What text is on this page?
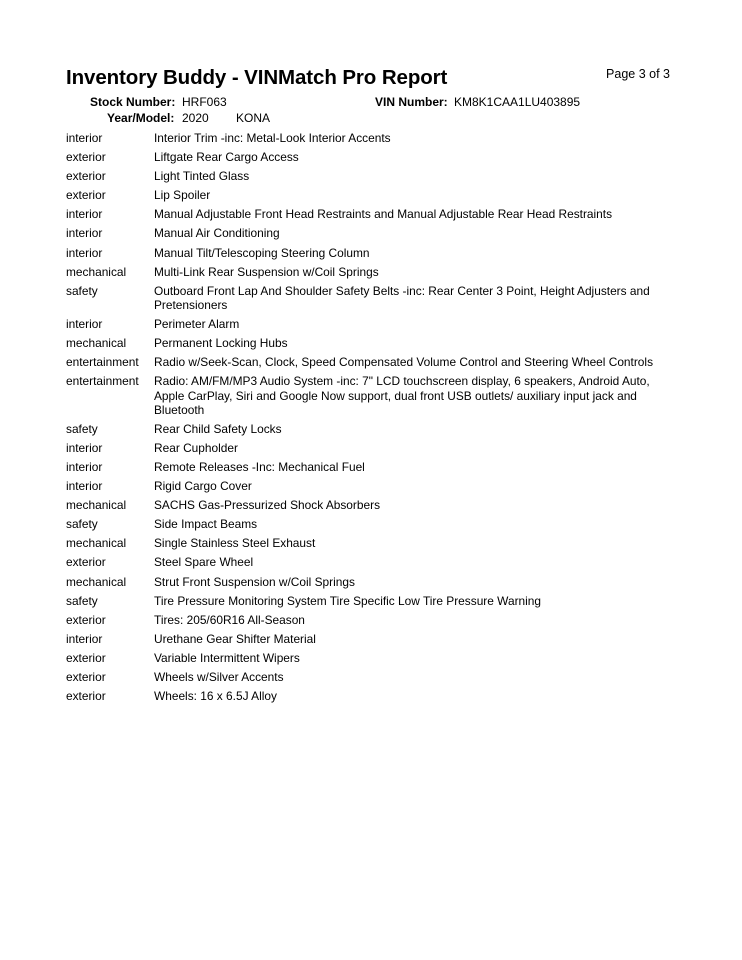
Inventory Buddy - VINMatch Pro Report	Page 3 of 3
Stock Number: HRF063	VIN Number: KM8K1CAA1LU403895
Year/Model: 2020 KONA
interior	Interior Trim -inc: Metal-Look Interior Accents
exterior	Liftgate Rear Cargo Access
exterior	Light Tinted Glass
exterior	Lip Spoiler
interior	Manual Adjustable Front Head Restraints and Manual Adjustable Rear Head Restraints
interior	Manual Air Conditioning
interior	Manual Tilt/Telescoping Steering Column
mechanical	Multi-Link Rear Suspension w/Coil Springs
safety	Outboard Front Lap And Shoulder Safety Belts -inc: Rear Center 3 Point, Height Adjusters and Pretensioners
interior	Perimeter Alarm
mechanical	Permanent Locking Hubs
entertainment	Radio w/Seek-Scan, Clock, Speed Compensated Volume Control and Steering Wheel Controls
entertainment	Radio: AM/FM/MP3 Audio System -inc: 7" LCD touchscreen display, 6 speakers, Android Auto, Apple CarPlay, Siri and Google Now support, dual front USB outlets/ auxiliary input jack and Bluetooth
safety	Rear Child Safety Locks
interior	Rear Cupholder
interior	Remote Releases -Inc: Mechanical Fuel
interior	Rigid Cargo Cover
mechanical	SACHS Gas-Pressurized Shock Absorbers
safety	Side Impact Beams
mechanical	Single Stainless Steel Exhaust
exterior	Steel Spare Wheel
mechanical	Strut Front Suspension w/Coil Springs
safety	Tire Pressure Monitoring System Tire Specific Low Tire Pressure Warning
exterior	Tires: 205/60R16 All-Season
interior	Urethane Gear Shifter Material
exterior	Variable Intermittent Wipers
exterior	Wheels w/Silver Accents
exterior	Wheels: 16 x 6.5J Alloy
